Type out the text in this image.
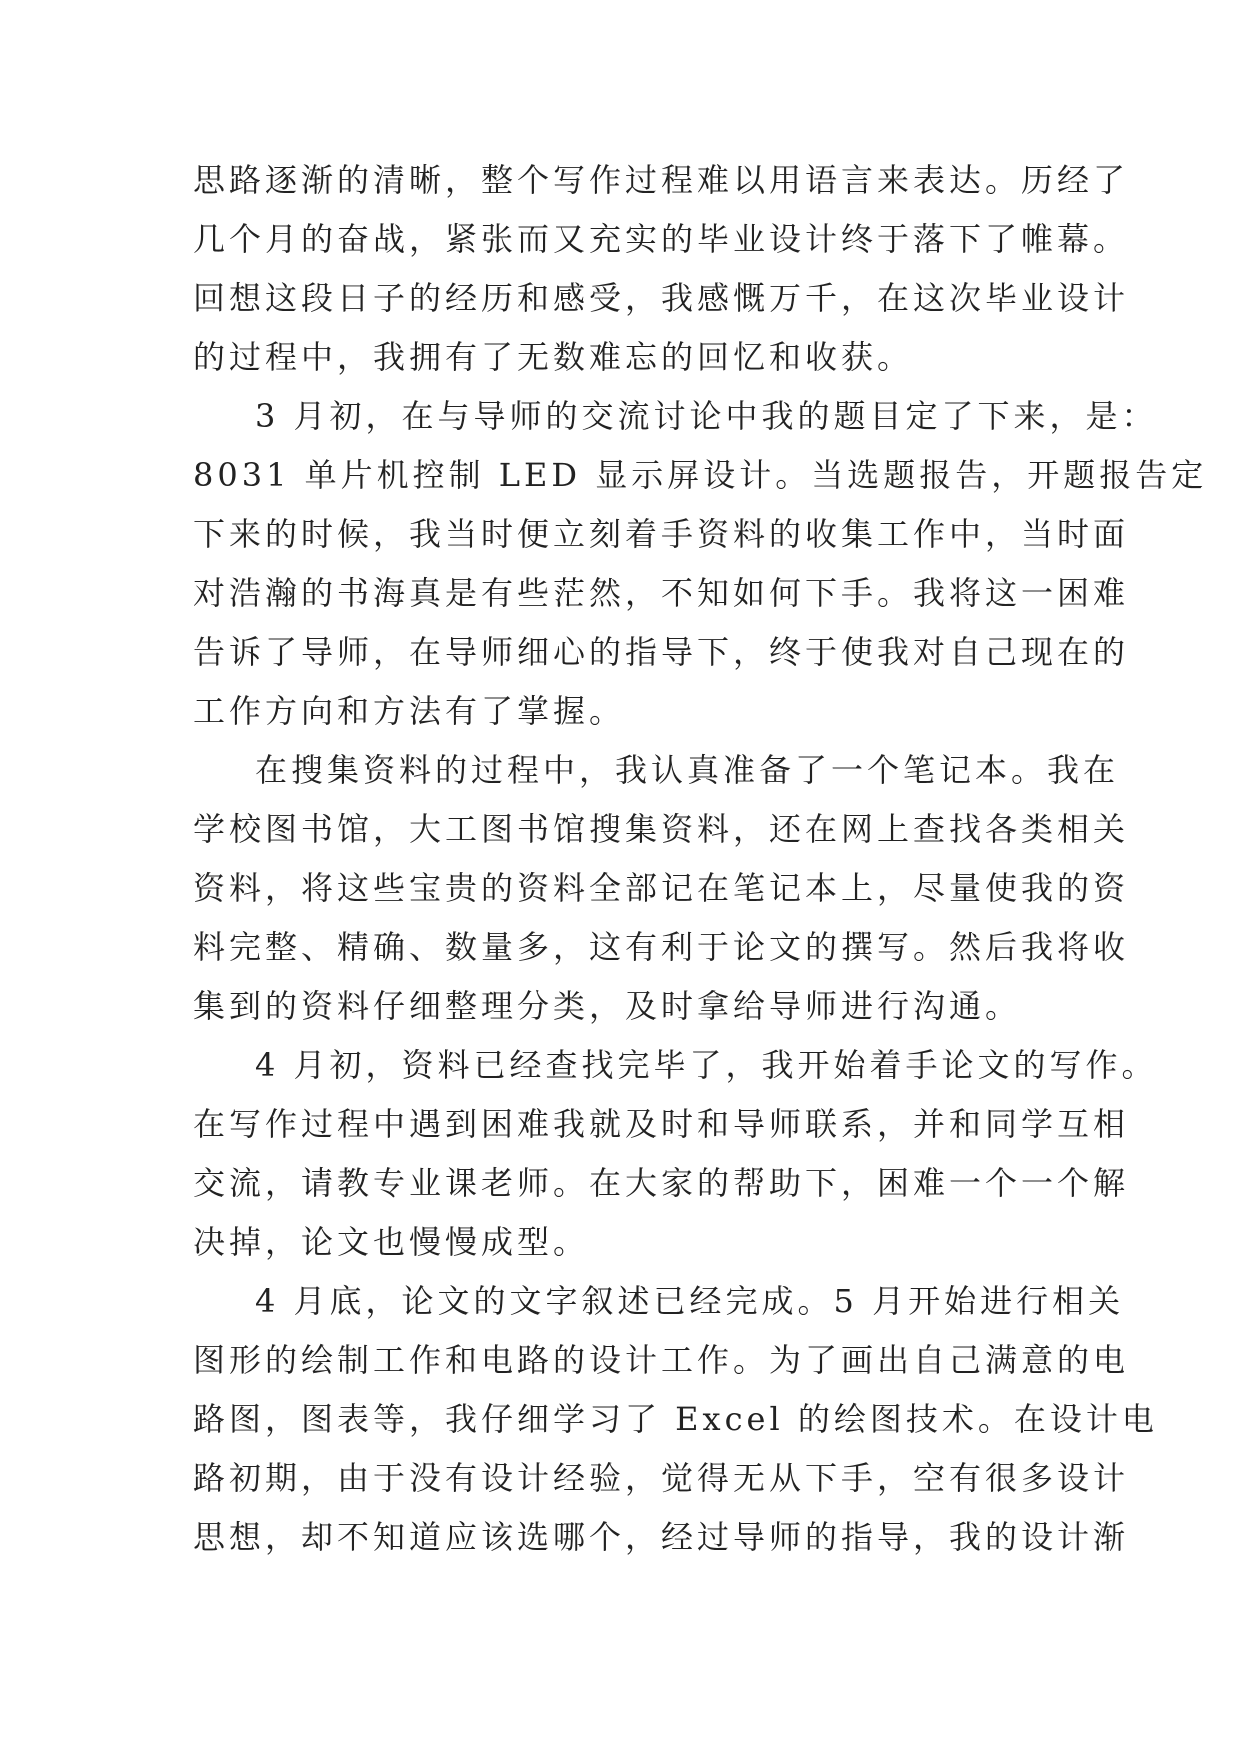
思路逐渐的清晰，整个写作过程难以用语言来表达。历经了
几个月的奋战，紧张而又充实的毕业设计终于落下了帷幕。
回想这段日子的经历和感受，我感慨万千，在这次毕业设计
的过程中，我拥有了无数难忘的回忆和收获。
3 月初，在与导师的交流讨论中我的题目定了下来，是：
8031 单片机控制 LED 显示屏设计。当选题报告，开题报告定
下来的时候，我当时便立刻着手资料的收集工作中，当时面
对浩瀚的书海真是有些茫然，不知如何下手。我将这一困难
告诉了导师，在导师细心的指导下，终于使我对自己现在的
工作方向和方法有了掌握。
在搜集资料的过程中，我认真准备了一个笔记本。我在
学校图书馆，大工图书馆搜集资料，还在网上查找各类相关
资料，将这些宝贵的资料全部记在笔记本上，尽量使我的资
料完整、精确、数量多，这有利于论文的撰写。然后我将收
集到的资料仔细整理分类，及时拿给导师进行沟通。
4 月初，资料已经查找完毕了，我开始着手论文的写作。
在写作过程中遇到困难我就及时和导师联系，并和同学互相
交流，请教专业课老师。在大家的帮助下，困难一个一个解
决掉，论文也慢慢成型。
4 月底，论文的文字叙述已经完成。5 月开始进行相关
图形的绘制工作和电路的设计工作。为了画出自己满意的电
路图，图表等，我仔细学习了 Excel 的绘图技术。在设计电
路初期，由于没有设计经验，觉得无从下手，空有很多设计
思想，却不知道应该选哪个，经过导师的指导，我的设计渐
